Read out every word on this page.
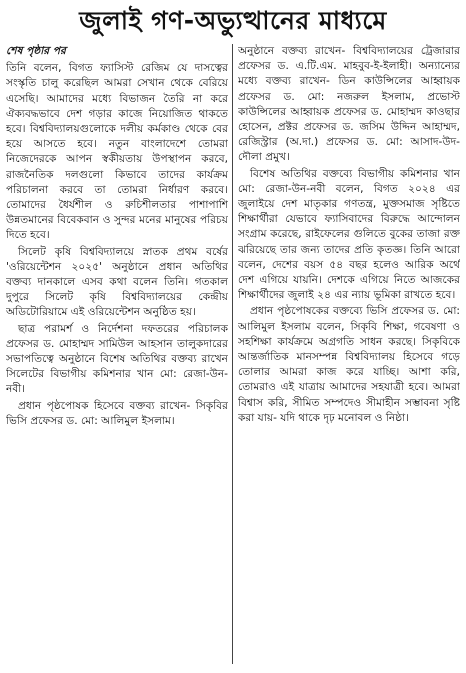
জুলাই গণ-অভ্যুত্থানের মাধ্যমে
শেষ পৃষ্ঠার পর

তিনি বলেন, বিগত ফ্যাসিস্ট রেজিম যে দাসত্বের সংস্কৃতি চালু করেছিল আমরা সেখান থেকে বেরিয়ে এসেছি। আমাদের মধ্যে বিভাজন তৈরি না করে ঐক্যবদ্ধভাবে দেশ গড়ার কাজে নিয়োজিত থাকতে হবে। বিশ্ববিদ্যালয়গুলোকে দলীয় কর্মকাণ্ড থেকে বের হয়ে আসতে হবে। নতুন বাংলাদেশে তোমরা নিজেদেরকে আপন স্বকীয়তায় উপস্থাপন করবে, রাজনৈতিক দলগুলো কিভাবে তাদের কার্যক্রম পরিচালনা করবে তা তোমরা নির্ধারণ করবে। তোমাদের ধৈর্যশীল ও রুচিশীলতার পাশাপাশি উন্নতমানের বিবেকবান ও সুন্দর মনের মানুষের পরিচয় দিতে হবে।

সিলেট কৃষি বিশ্ববিদ্যালয়ে স্নাতক প্রথম বর্ষের 'ওরিয়েন্টেশন ২০২৫' অনুষ্ঠানে প্রধান অতিথির বক্তব্য দানকালে এসব কথা বলেন তিনি। গতকাল দুপুরে সিলেট কৃষি বিশ্ববিদ্যালয়ের কেন্দ্রীয় অডিটোরিয়ামে এই ওরিয়েন্টেশন অনুষ্ঠিত হয়।

ছাত্র পরামর্শ ও নির্দেশনা দফতরের পরিচালক প্রফেসর ড. মোহাম্মদ সামিউল আহসান তালুকদারের সভাপতিত্বে অনুষ্ঠানে বিশেষ অতিথির বক্তব্য রাখেন সিলেটের বিভাগীয় কমিশনার খান মো: রেজা-উন-নবী।

প্রধান পৃষ্ঠপোষক হিসেবে বক্তব্য রাখেন- সিকৃবির ভিসি প্রফেসর ড. মো: আলিমুল ইসলাম।

অনুষ্ঠানে বক্তব্য রাখেন- বিশ্ববিদ্যালয়ের ট্রেজারার প্রফেসর ড. এ.টি.এম. মাহবুব-ই-ইলাহী। অন্যান্যের মধ্যে বক্তব্য রাখেন- ডিন কাউন্সিলের আহ্বায়ক প্রফেসর ড. মো: নজরুল ইসলাম, প্রভোস্ট কাউন্সিলের আহ্বায়ক প্রফেসর ড. মোহাম্মদ কাওছার হোসেন, প্রক্টর প্রফেসর ড. জসিম উদ্দিন আহাম্মদ, রেজিস্ট্রার (অ.দা.) প্রফেসর ড. মো: আসাদ-উদ-দৌলা প্রমুখ।

বিশেষ অতিথির বক্তব্যে বিভাগীয় কমিশনার খান মো: রেজা-উন-নবী বলেন, বিগত ২০২৪ এর জুলাইয়ে দেশ মাতৃকার গণতন্ত্র, মুক্তসমাজ সৃষ্টিতে শিক্ষার্থীরা যেভাবে ফ্যাসিবাদের বিরুদ্ধে আন্দোলন সংগ্রাম করেছে, রাইফেলের গুলিতে বুকের তাজা রক্ত ঝরিয়েছে তার জন্য তাদের প্রতি কৃতজ্ঞ। তিনি আরো বলেন, দেশের বয়স ৫৪ বছর হলেও আরিক অর্থে দেশ এগিয়ে যায়নি। দেশকে এগিয়ে নিতে আজকের শিক্ষার্থীদের জুলাই ২৪ এর ন্যায় ভূমিকা রাখতে হবে।

প্রধান পৃষ্ঠপোষকের বক্তব্যে ভিসি প্রফেসর ড. মো: আলিমুল ইসলাম বলেন, সিকৃবি শিক্ষা, গবেষণা ও সহশিক্ষা কার্যক্রমে অগ্রগতি সাধন করছে। সিকৃবিকে আন্তর্জাতিক মানসম্পন্ন বিশ্ববিদ্যালয় হিসেবে গড়ে তোলার আমরা কাজ করে যাচ্ছি। আশা করি, তোমরাও এই যাত্রায় আমাদের সহযাত্রী হবে। আমরা বিশ্বাস করি, সীমিত সম্পদেও সীমাহীন সম্ভাবনা সৃষ্টি করা যায়- যদি থাকে দৃঢ় মনোবল ও নিষ্ঠা।
